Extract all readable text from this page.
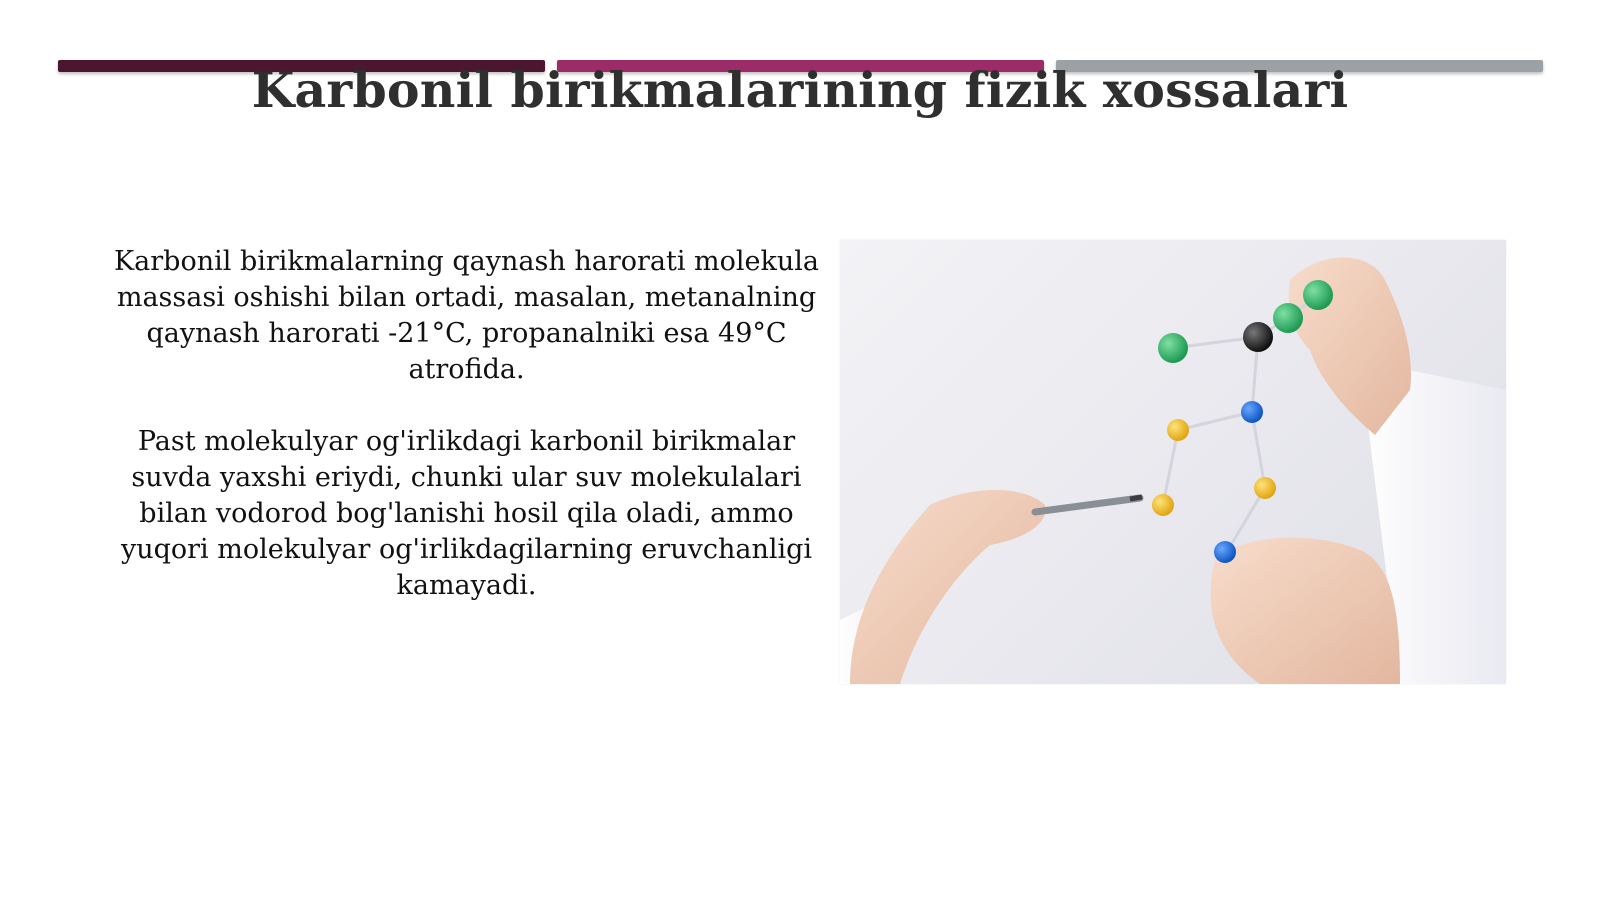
Karbonil birikmalarining fizik xossalari

Karbonil birikmalarning qaynash harorati molekula massasi oshishi bilan ortadi, masalan, metanalning qaynash harorati -21°C, propanalniki esa 49°C atrofida.

Past molekulyar og'irlikdagi karbonil birikmalar suvda yaxshi eriydi, chunki ular suv molekulalari bilan vodorod bog'lanishi hosil qila oladi, ammo yuqori molekulyar og'irlikdagilarning eruvchanligi kamayadi.
